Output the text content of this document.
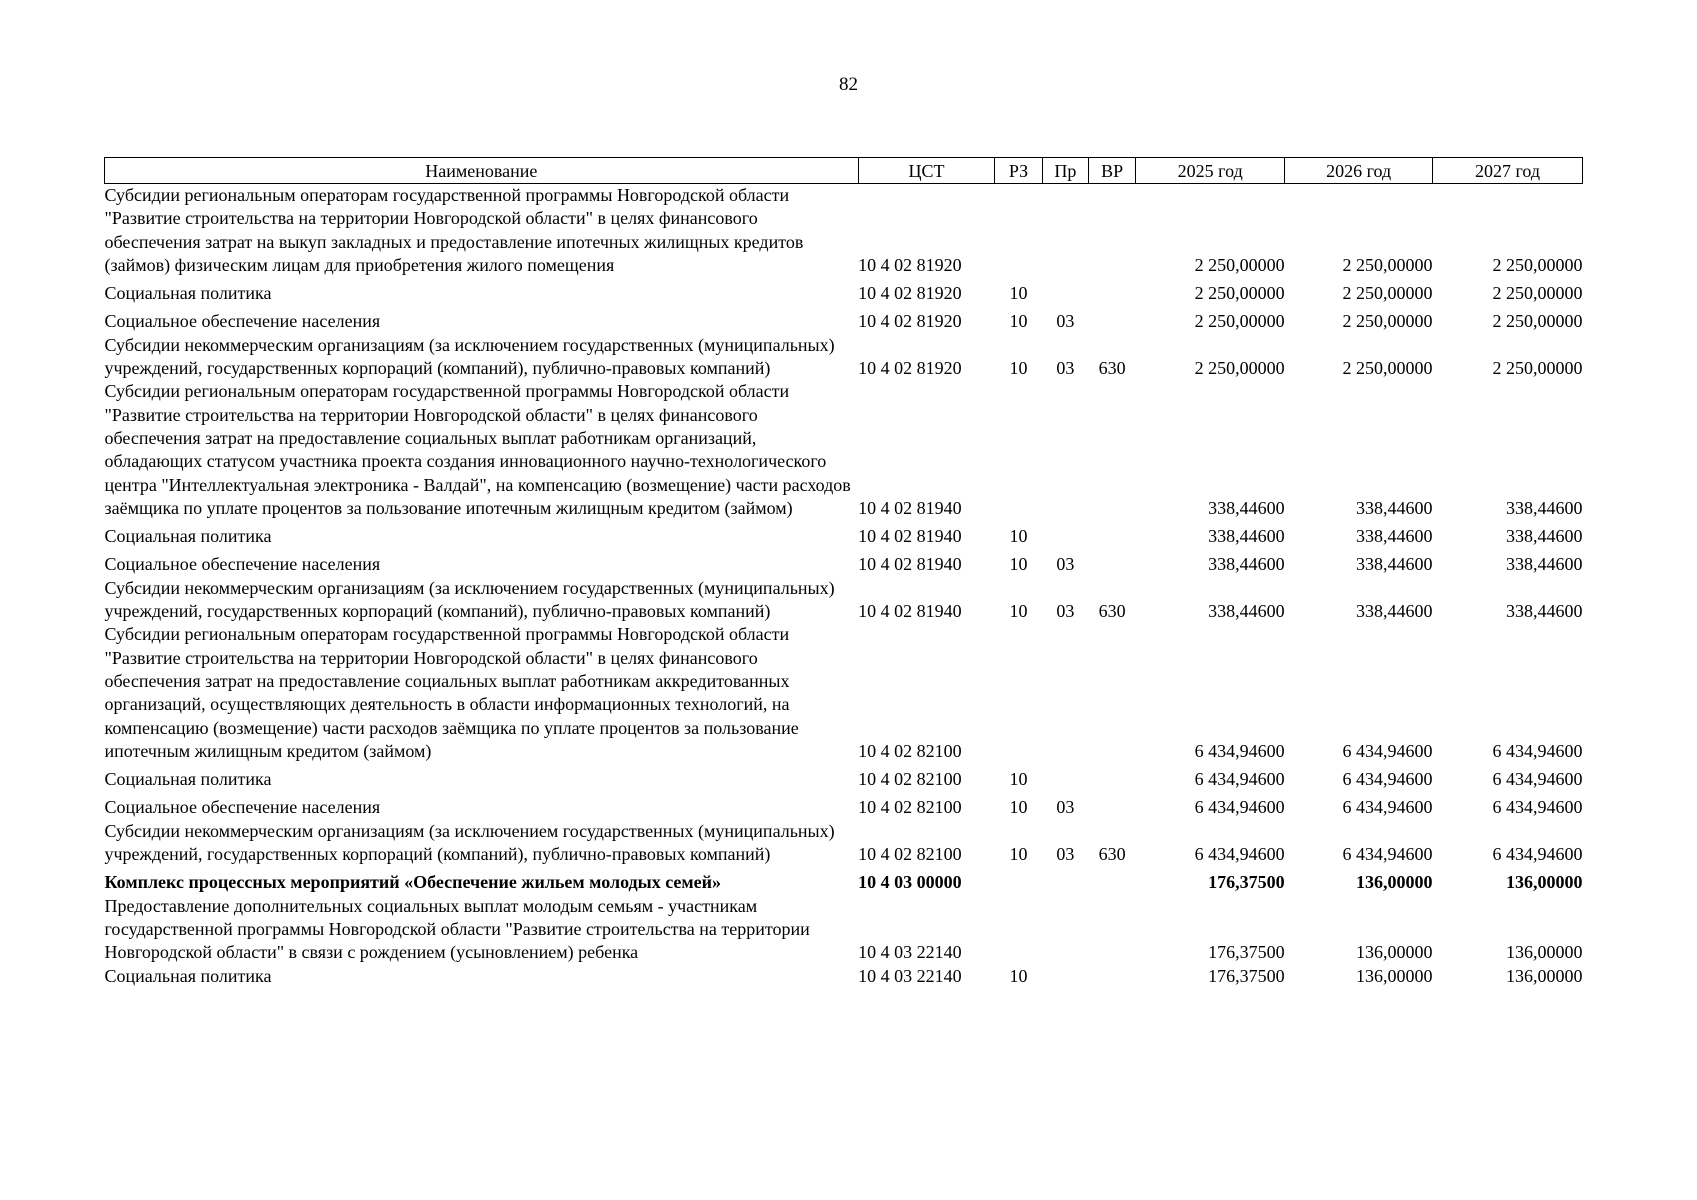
82
Наименование	ЦСТ	РЗ	Пр	ВР	2025 год	2026 год	2027 год
Субсидии региональным операторам государственной программы Новгородской области "Развитие строительства на территории Новгородской области" в целях финансового обеспечения затрат на выкуп закладных и предоставление ипотечных жилищных кредитов (займов) физическим лицам для приобретения жилого помещения	10 4 02 81920				2 250,00000	2 250,00000	2 250,00000
Социальная политика	10 4 02 81920	10			2 250,00000	2 250,00000	2 250,00000
Социальное обеспечение населения	10 4 02 81920	10	03		2 250,00000	2 250,00000	2 250,00000
Субсидии некоммерческим организациям (за исключением государственных (муниципальных) учреждений, государственных корпораций (компаний), публично-правовых компаний)	10 4 02 81920	10	03	630	2 250,00000	2 250,00000	2 250,00000
Субсидии региональным операторам государственной программы Новгородской области "Развитие строительства на территории Новгородской области" в целях финансового обеспечения затрат на предоставление социальных выплат работникам организаций, обладающих статусом участника проекта создания инновационного научно-технологического центра "Интеллектуальная электроника - Валдай", на компенсацию (возмещение) части расходов заёмщика по уплате процентов за пользование ипотечным жилищным кредитом (займом)	10 4 02 81940				338,44600	338,44600	338,44600
Социальная политика	10 4 02 81940	10			338,44600	338,44600	338,44600
Социальное обеспечение населения	10 4 02 81940	10	03		338,44600	338,44600	338,44600
Субсидии некоммерческим организациям (за исключением государственных (муниципальных) учреждений, государственных корпораций (компаний), публично-правовых компаний)	10 4 02 81940	10	03	630	338,44600	338,44600	338,44600
Субсидии региональным операторам государственной программы Новгородской области "Развитие строительства на территории Новгородской области" в целях финансового обеспечения затрат на предоставление социальных выплат работникам аккредитованных организаций, осуществляющих деятельность в области информационных технологий, на компенсацию (возмещение) части расходов заёмщика по уплате процентов за пользование ипотечным жилищным кредитом (займом)	10 4 02 82100				6 434,94600	6 434,94600	6 434,94600
Социальная политика	10 4 02 82100	10			6 434,94600	6 434,94600	6 434,94600
Социальное обеспечение населения	10 4 02 82100	10	03		6 434,94600	6 434,94600	6 434,94600
Субсидии некоммерческим организациям (за исключением государственных (муниципальных) учреждений, государственных корпораций (компаний), публично-правовых компаний)	10 4 02 82100	10	03	630	6 434,94600	6 434,94600	6 434,94600
Комплекс процессных мероприятий «Обеспечение жильем молодых семей»	10 4 03 00000				176,37500	136,00000	136,00000
Предоставление дополнительных социальных выплат молодым семьям - участникам государственной программы Новгородской области "Развитие строительства на территории Новгородской области" в связи с рождением (усыновлением) ребенка	10 4 03 22140				176,37500	136,00000	136,00000
Социальная политика	10 4 03 22140	10			176,37500	136,00000	136,00000
